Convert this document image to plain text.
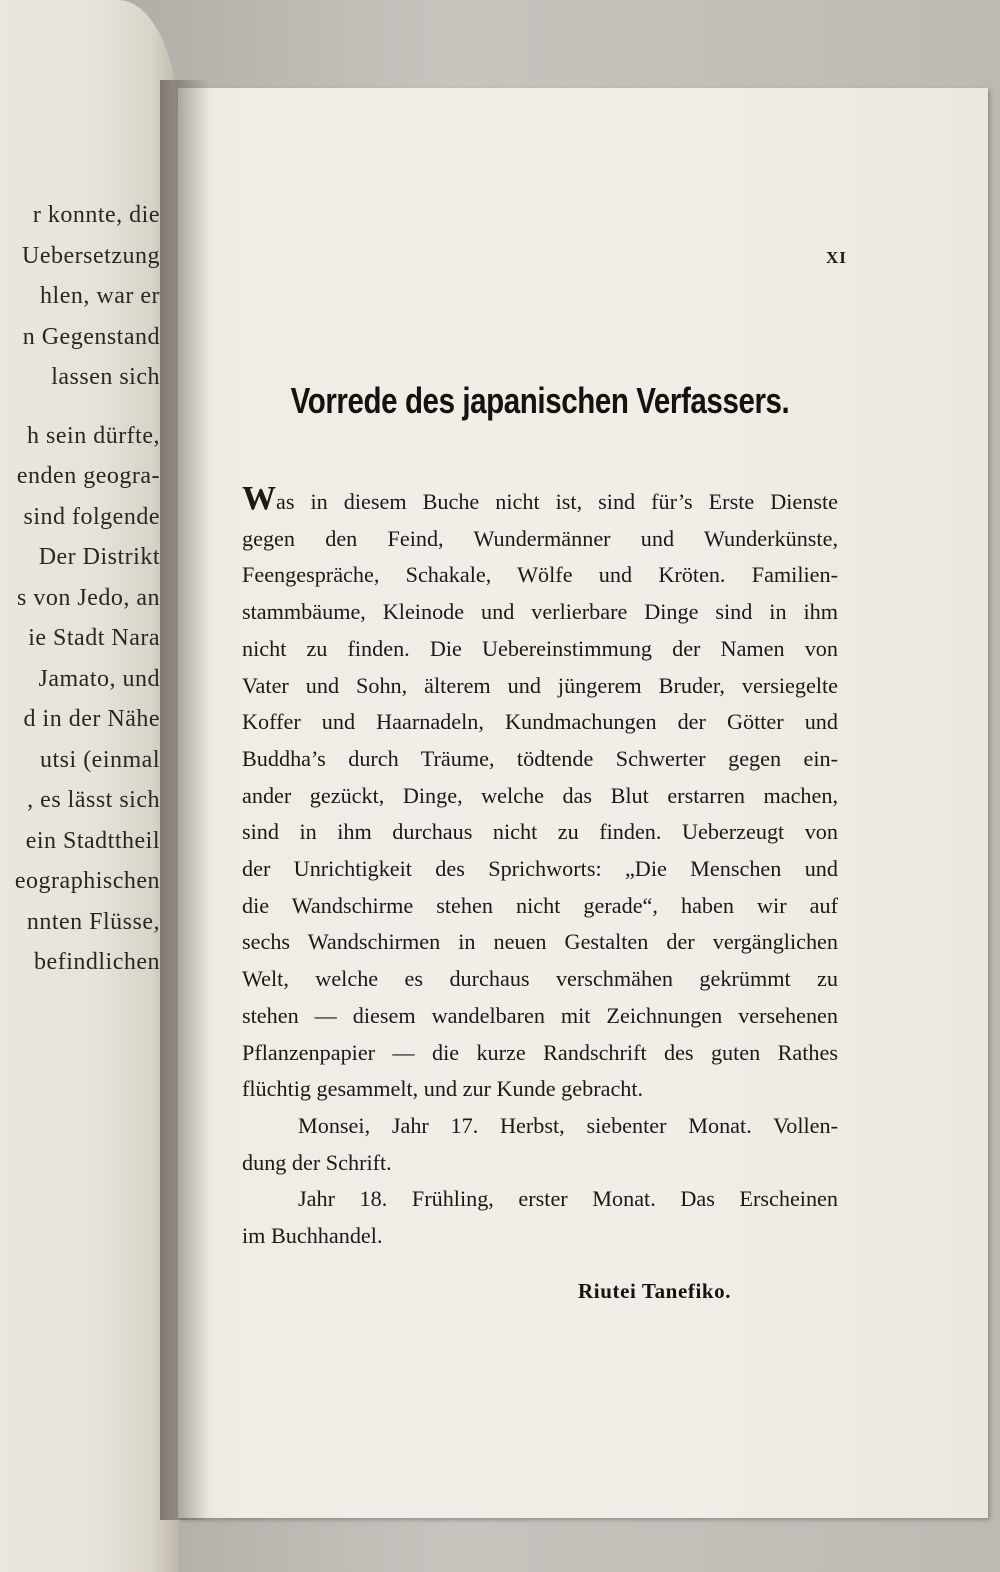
r konnte, die
Uebersetzung
hlen, war er
n Gegenstand
lassen sich
h sein dürfte,
enden geogra-
sind folgende
Der Distrikt
s von Jedo, an
ie Stadt Nara
Jamato, und
d in der Nähe
utsi (einmal
, es lässt sich
ein Stadttheil
eographischen
nnten Flüsse,
befindlichen
XI
Vorrede des japanischen Verfassers.
Was in diesem Buche nicht ist, sind für’s Erste Dienste
gegen den Feind, Wundermänner und Wunderkünste,
Feengespräche, Schakale, Wölfe und Kröten. Familien-
stammbäume, Kleinode und verlierbare Dinge sind in ihm
nicht zu finden. Die Uebereinstimmung der Namen von
Vater und Sohn, älterem und jüngerem Bruder, versiegelte
Koffer und Haarnadeln, Kundmachungen der Götter und
Buddha’s durch Träume, tödtende Schwerter gegen ein-
ander gezückt, Dinge, welche das Blut erstarren machen,
sind in ihm durchaus nicht zu finden. Ueberzeugt von
der Unrichtigkeit des Sprichworts: „Die Menschen und
die Wandschirme stehen nicht gerade“, haben wir auf
sechs Wandschirmen in neuen Gestalten der vergänglichen
Welt, welche es durchaus verschmähen gekrümmt zu
stehen — diesem wandelbaren mit Zeichnungen versehenen
Pflanzenpapier — die kurze Randschrift des guten Rathes
flüchtig gesammelt, und zur Kunde gebracht.
Monsei, Jahr 17. Herbst, siebenter Monat. Vollen-
dung der Schrift.
Jahr 18. Frühling, erster Monat. Das Erscheinen
im Buchhandel.
Riutei Tanefiko.
